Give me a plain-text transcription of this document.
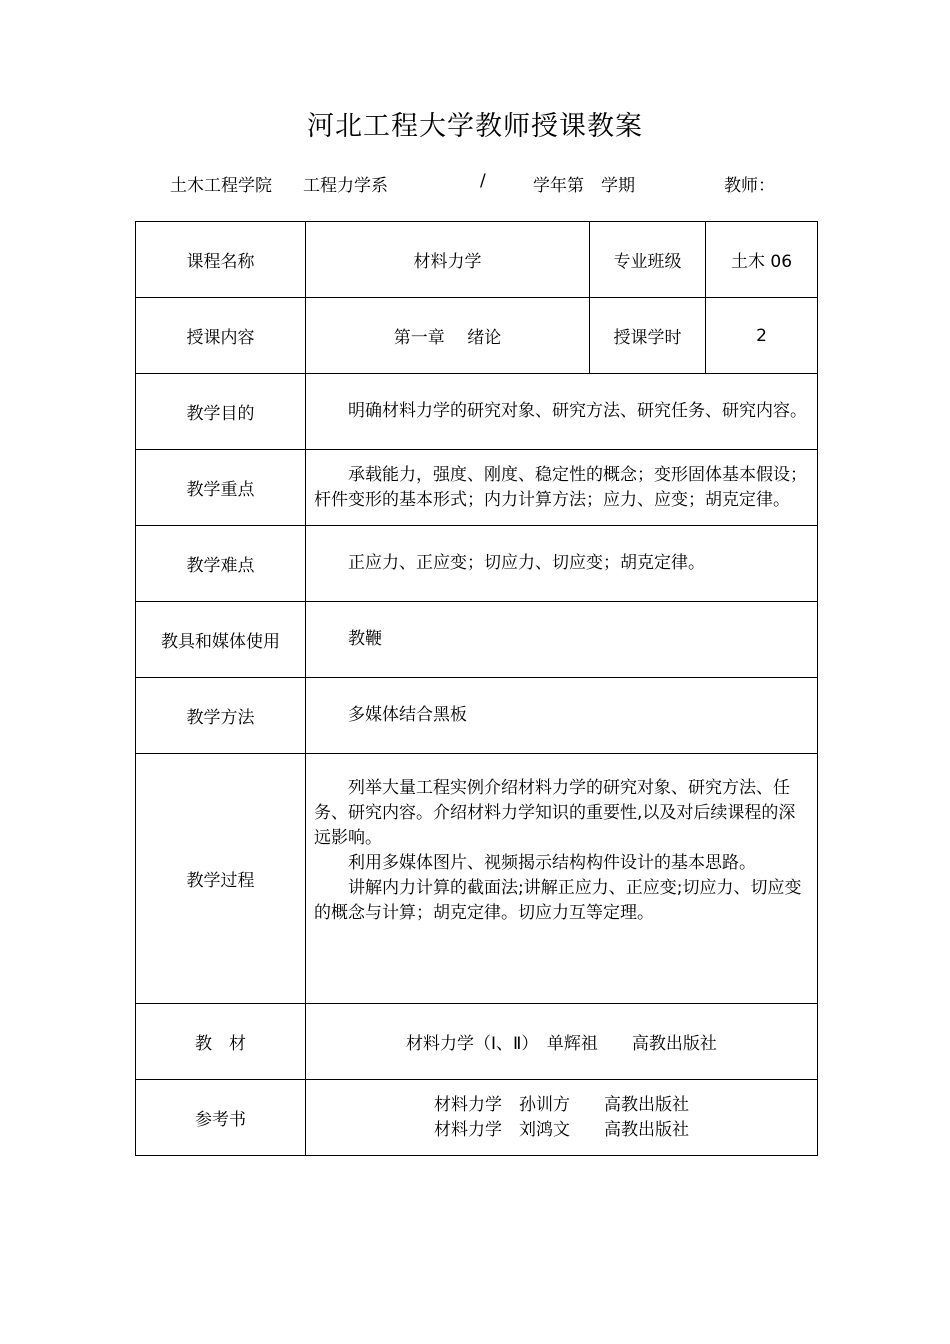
河北工程大学教师授课教案
土木工程学院 工程力学系	/	学年第　学期	教师：
课程名称	材料力学	专业班级	土木 06
授课内容	第一章　 绪论	授课学时	2
教学目的	明确材料力学的研究对象、研究方法、研究任务、研究内容。		

教学重点	承载能力，强度、刚度、稳定性的概念；变形固体基本假设；杆件变形的基本形式；内力计算方法；应力、应变；胡克定律。		

教学难点	正应力、正应变；切应力、切应变；胡克定律。		

教具和媒体使用	教鞭		

教学方法	多媒体结合黑板		

教学过程	列举大量工程实例介绍材料力学的研究对象、研究方法、任务、研究内容。介绍材料力学知识的重要性,以及对后续课程的深远影响。

利用多媒体图片、视频揭示结构构件设计的基本思路。

讲解内力计算的截面法;讲解正应力、正应变;切应力、切应变的概念与计算；胡克定律。切应力互等定理。		

教　材	材料力学（Ⅰ、Ⅱ）　单辉祖　　高教出版社		
参考书	材料力学　孙训方　　高教出版社
材料力学　刘鸿文　　高教出版社		
